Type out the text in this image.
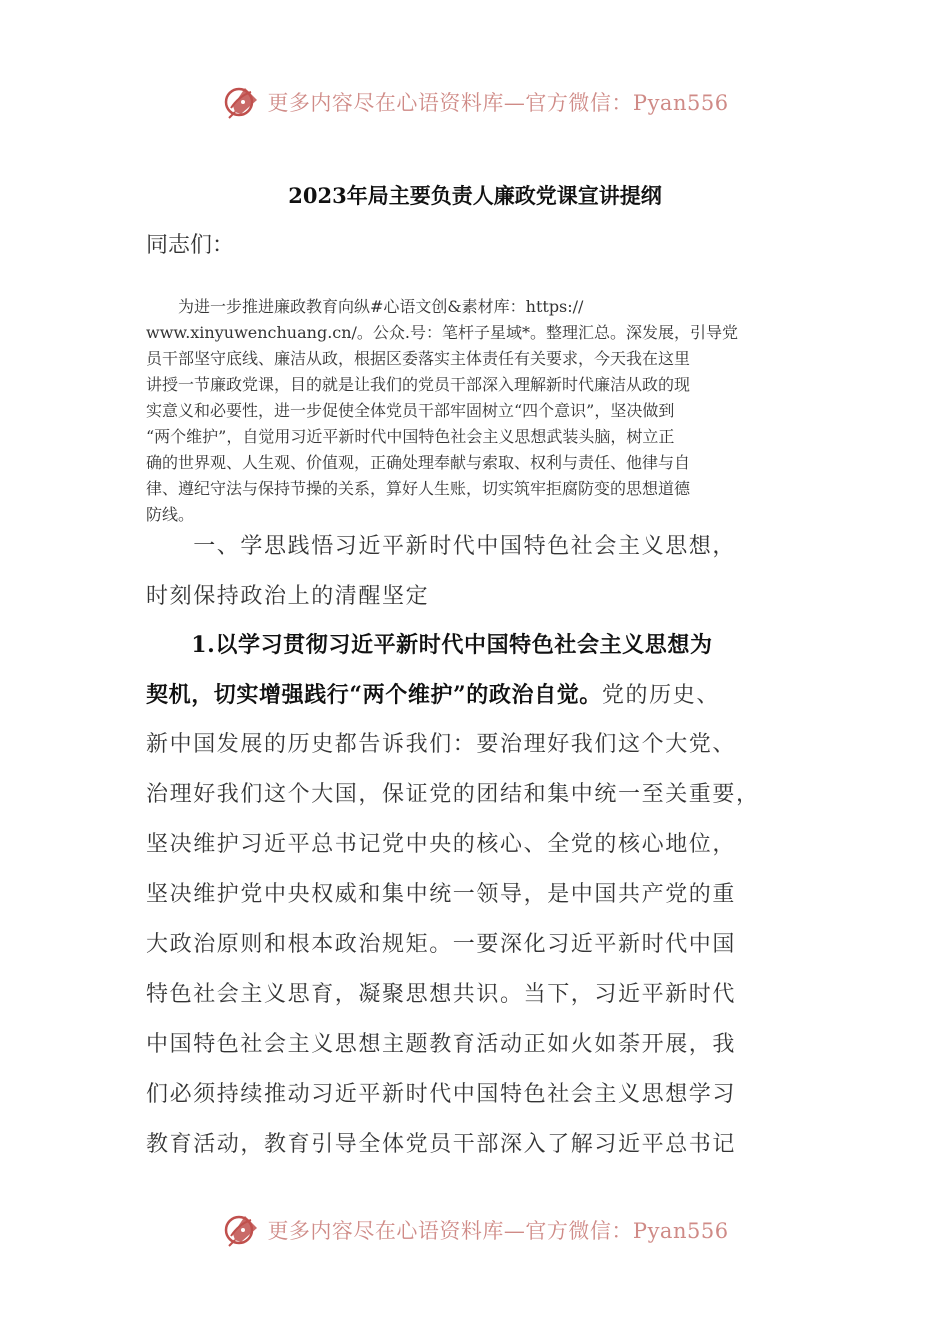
更多内容尽在心语资料库—官方微信：Pyan556
2023年局主要负责人廉政党课宣讲提纲
同志们：
　　为进一步推进廉政教育向纵#心语文创&素材库：https://
www.xinyuwenchuang.cn/。公众.号：笔杆子星域*。整理汇总。深发展，引导党
员干部坚守底线、廉洁从政，根据区委落实主体责任有关要求，今天我在这里
讲授一节廉政党课，目的就是让我们的党员干部深入理解新时代廉洁从政的现
实意义和必要性，进一步促使全体党员干部牢固树立“四个意识”，坚决做到
“两个维护”，自觉用习近平新时代中国特色社会主义思想武装头脑，树立正
确的世界观、人生观、价值观，正确处理奉献与索取、权利与责任、他律与自
律、遵纪守法与保持节操的关系，算好人生账，切实筑牢拒腐防变的思想道德
防线。
　　一、学思践悟习近平新时代中国特色社会主义思想，
时刻保持政治上的清醒坚定
　　1.以学习贯彻习近平新时代中国特色社会主义思想为
契机，切实增强践行“两个维护”的政治自觉。党的历史、
新中国发展的历史都告诉我们：要治理好我们这个大党、
治理好我们这个大国，保证党的团结和集中统一至关重要，
坚决维护习近平总书记党中央的核心、全党的核心地位，
坚决维护党中央权威和集中统一领导，是中国共产党的重
大政治原则和根本政治规矩。一要深化习近平新时代中国
特色社会主义思育，凝聚思想共识。当下，习近平新时代
中国特色社会主义思想主题教育活动正如火如荼开展，我
们必须持续推动习近平新时代中国特色社会主义思想学习
教育活动，教育引导全体党员干部深入了解习近平总书记
更多内容尽在心语资料库—官方微信：Pyan556
